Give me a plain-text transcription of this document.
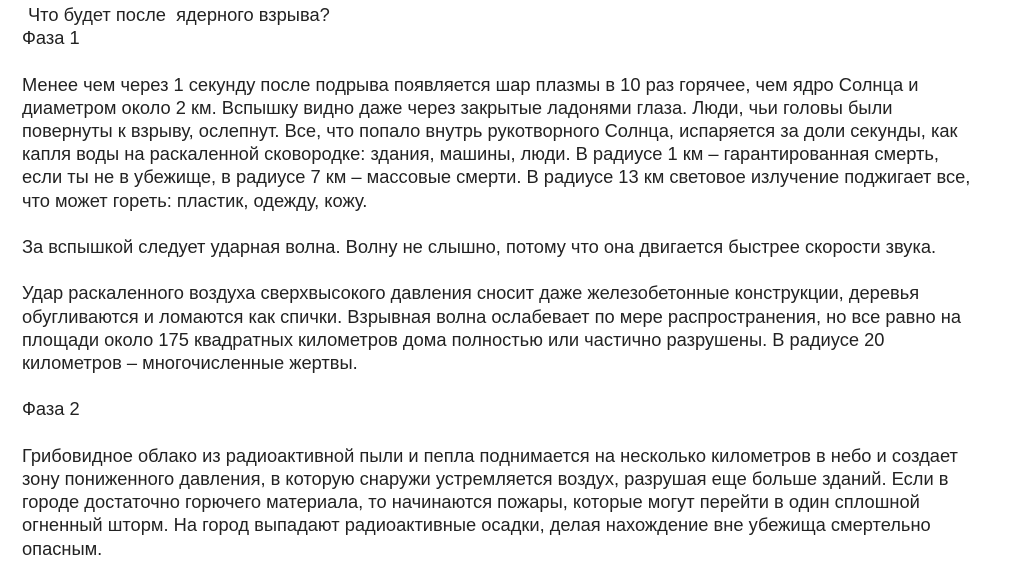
Что будет после  ядерного взрыва?
Фаза 1
Менее чем через 1 секунду после подрыва появляется шар плазмы в 10 раз горячее, чем ядро Солнца и
диаметром около 2 км. Вспышку видно даже через закрытые ладонями глаза. Люди, чьи головы были
повернуты к взрыву, ослепнут. Все, что попало внутрь рукотворного Солнца, испаряется за доли секунды, как
капля воды на раскаленной сковородке: здания, машины, люди. В радиусе 1 км – гарантированная смерть,
если ты не в убежище, в радиусе 7 км – массовые смерти. В радиусе 13 км световое излучение поджигает все,
что может гореть: пластик, одежду, кожу.
За вспышкой следует ударная волна. Волну не слышно, потому что она двигается быстрее скорости звука.
Удар раскаленного воздуха сверхвысокого давления сносит даже железобетонные конструкции, деревья
обугливаются и ломаются как спички. Взрывная волна ослабевает по мере распространения, но все равно на
площади около 175 квадратных километров дома полностью или частично разрушены. В радиусе 20
километров – многочисленные жертвы.
Фаза 2
Грибовидное облако из радиоактивной пыли и пепла поднимается на несколько километров в небо и создает
зону пониженного давления, в которую снаружи устремляется воздух, разрушая еще больше зданий. Если в
городе достаточно горючего материала, то начинаются пожары, которые могут перейти в один сплошной
огненный шторм. На город выпадают радиоактивные осадки, делая нахождение вне убежища смертельно
опасным.
